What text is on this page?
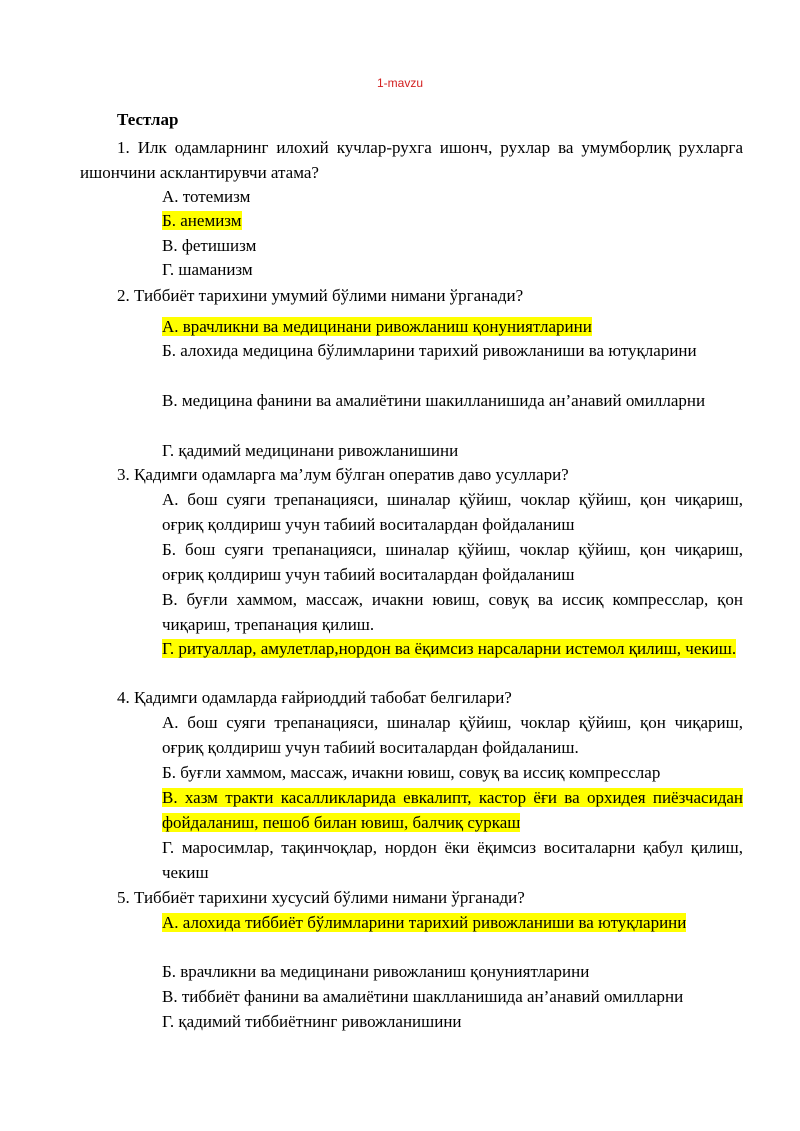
1-mavzu
Тестлар
1. Илк одамларнинг илохий кучлар-рухга ишонч, рухлар ва умумборлиқ рухларга ишончини асклантирувчи атама?
А. тотемизм
Б. анемизм
В. фетишизм
Г. шаманизм
2. Тиббиёт тарихини умумий бўлими нимани ўрганади?
А. врачликни ва медицинани ривожланиш қонуниятларини
Б. алохида медицина бўлимларини тарихий ривожланиши ва ютуқларини
В. медицина фанини ва амалиётини шакилланишида ан’анавий омилларни
Г. қадимий медицинани ривожланишини
3. Қадимги одамларга ма’лум бўлган оператив даво усуллари?
А. бош суяги трепанацияси, шиналар қўйиш, чоклар қўйиш, қон чиқариш, оғриқ қолдириш учун табиий воситалардан фойдаланиш
Б. бош суяги трепанацияси, шиналар қўйиш, чоклар қўйиш, қон чиқариш, оғриқ қолдириш учун табиий воситалардан фойдаланиш
В. буғли хаммом, массаж, ичакни ювиш, совуқ ва иссиқ компресслар, қон чиқариш, трепанация қилиш.
Г. ритуаллар, амулетлар,нордон ва ёқимсиз нарсаларни истемол қилиш, чекиш.
4. Қадимги одамларда ғайриоддий табобат белгилари?
А. бош суяги трепанацияси, шиналар қўйиш, чоклар қўйиш, қон чиқариш, оғриқ қолдириш учун табиий воситалардан фойдаланиш.
Б. буғли хаммом, массаж, ичакни ювиш, совуқ ва иссиқ компресслар
В. хазм тракти касалликларида евкалипт, кастор ёғи ва орхидея пиёзчасидан фойдаланиш, пешоб билан ювиш, балчиқ суркаш
Г. маросимлар, тақинчоқлар, нордон ёки ёқимсиз воситаларни қабул қилиш, чекиш
5. Тиббиёт тарихини хусусий бўлими нимани ўрганади?
А. алохида тиббиёт бўлимларини тарихий ривожланиши ва ютуқларини
Б. врачликни ва медицинани ривожланиш қонуниятларини
В. тиббиёт фанини ва амалиётини шаклланишида ан’анавий омилларни
Г. қадимий тиббиётнинг ривожланишини
